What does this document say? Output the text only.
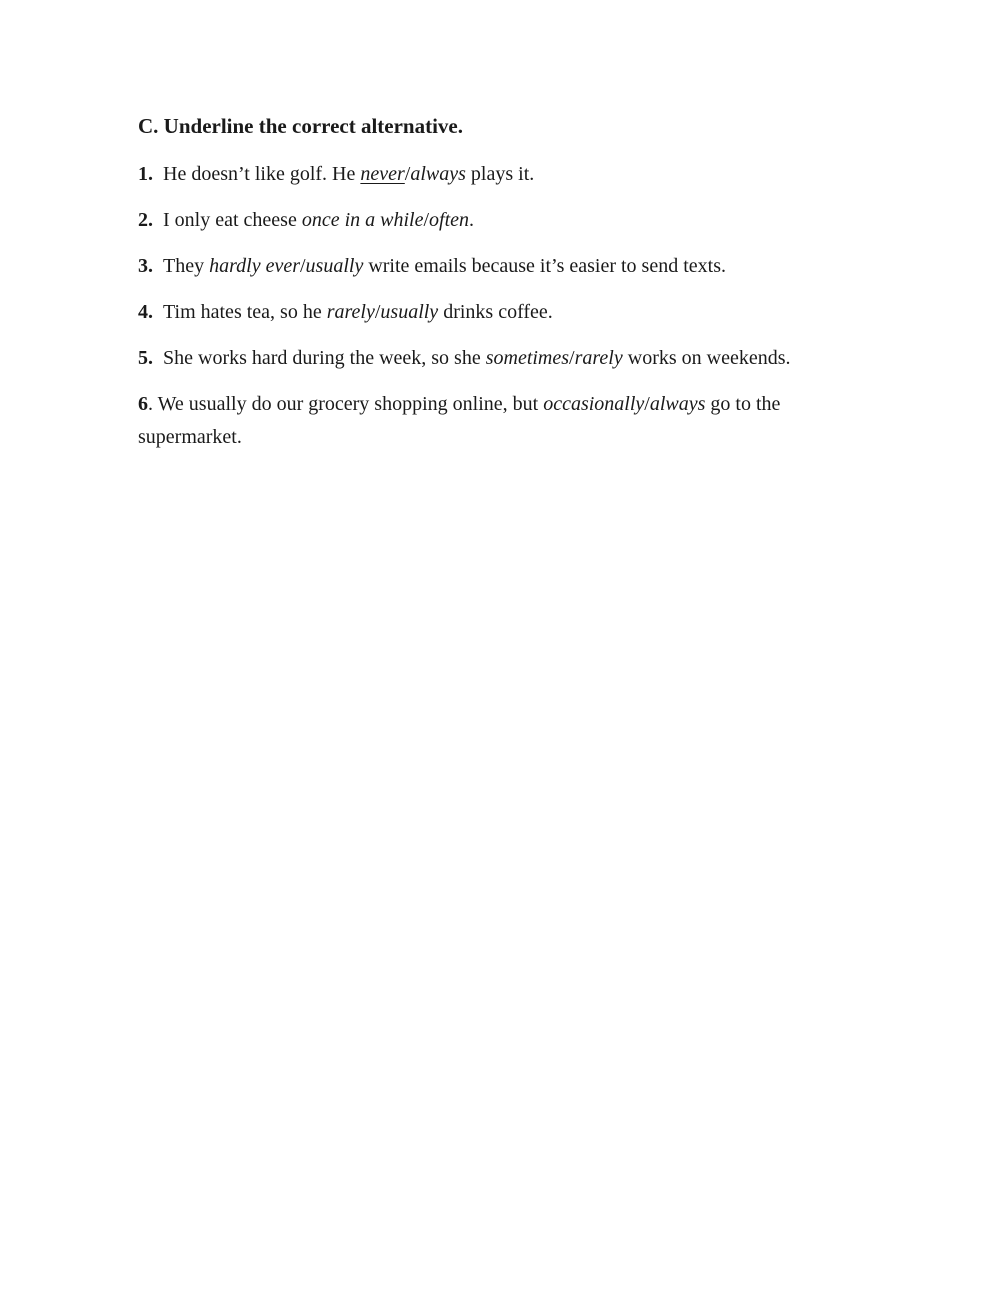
C. Underline the correct alternative.

1. He doesn’t like golf. He never/always plays it.

2. I only eat cheese once in a while/often.

3. They hardly ever/usually write emails because it’s easier to send texts.

4. Tim hates tea, so he rarely/usually drinks coffee.

5. She works hard during the week, so she sometimes/rarely works on weekends.

6. We usually do our grocery shopping online, but occasionally/always go to the supermarket.
